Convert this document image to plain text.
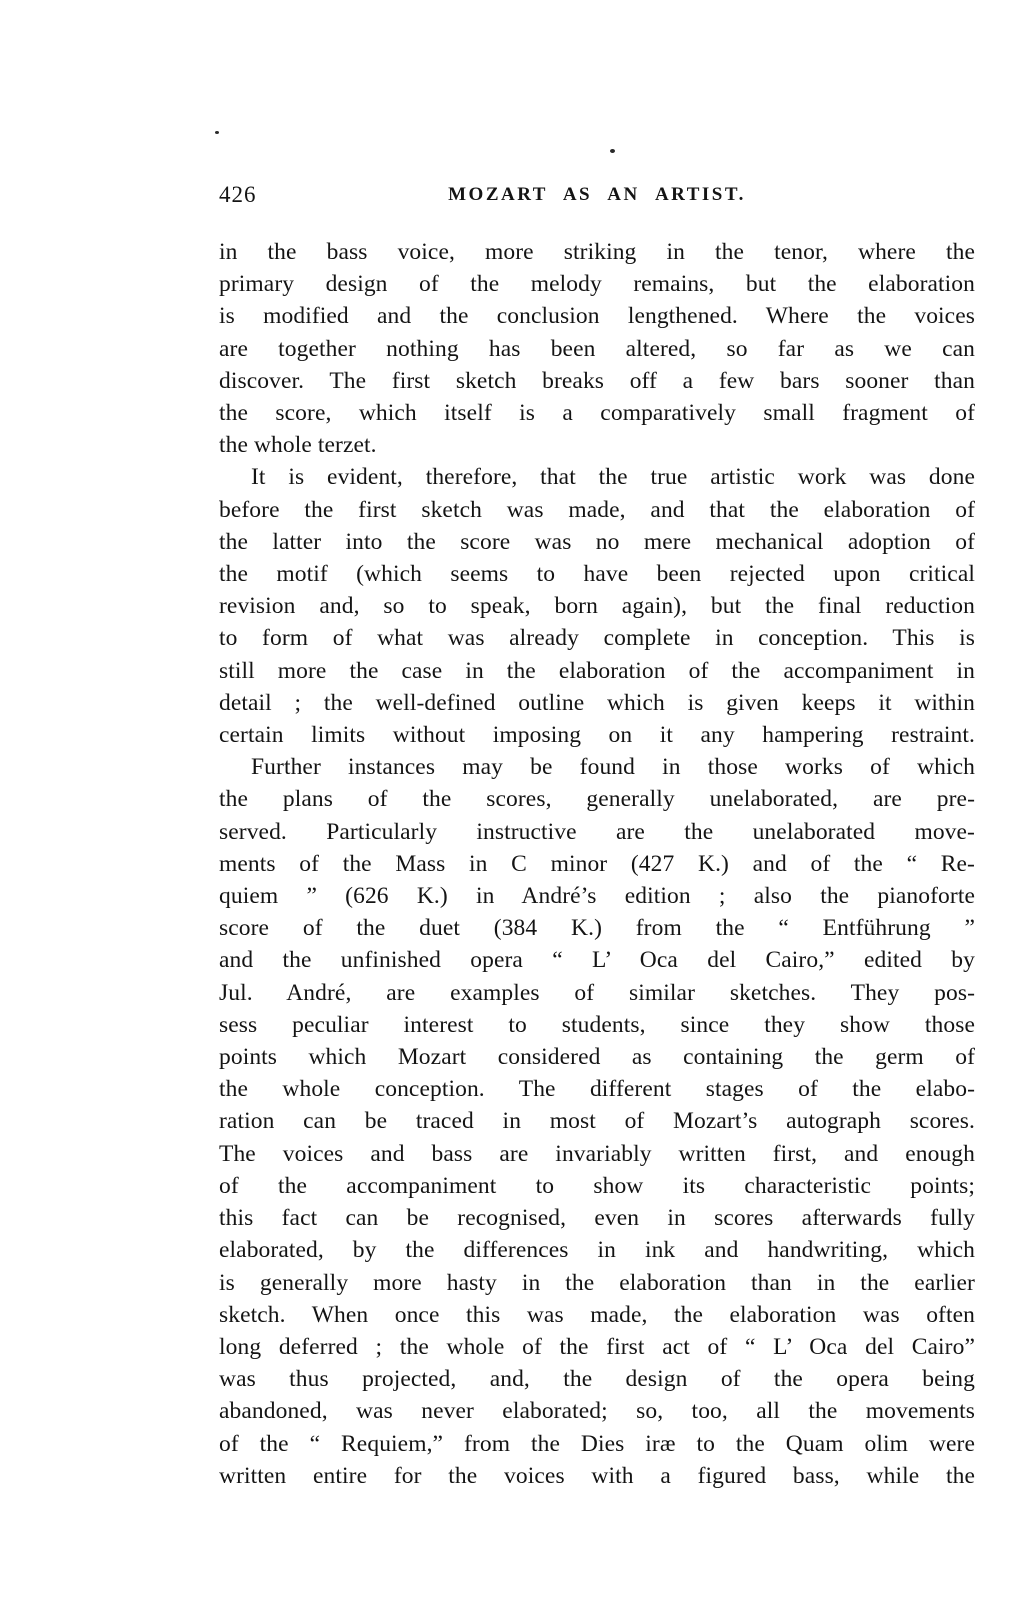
426	MOZART AS AN ARTIST.
in the bass voice, more striking in the tenor, where the
primary design of the melody remains, but the elaboration
is modified and the conclusion lengthened. Where the voices
are together nothing has been altered, so far as we can
discover. The first sketch breaks off a few bars sooner than
the score, which itself is a comparatively small fragment of
the whole terzet.
It is evident, therefore, that the true artistic work was done
before the first sketch was made, and that the elaboration of
the latter into the score was no mere mechanical adoption of
the motif (which seems to have been rejected upon critical
revision and, so to speak, born again), but the final reduction
to form of what was already complete in conception. This is
still more the case in the elaboration of the accompaniment in
detail ; the well-defined outline which is given keeps it within
certain limits without imposing on it any hampering restraint.
Further instances may be found in those works of which
the plans of the scores, generally unelaborated, are pre-
served. Particularly instructive are the unelaborated move-
ments of the Mass in C minor (427 K.) and of the “ Re-
quiem ” (626 K.) in André’s edition ; also the pianoforte
score of the duet (384 K.) from the “ Entführung ”
and the unfinished opera “ L’ Oca del Cairo,” edited by
Jul. André, are examples of similar sketches. They pos-
sess peculiar interest to students, since they show those
points which Mozart considered as containing the germ of
the whole conception. The different stages of the elabo-
ration can be traced in most of Mozart’s autograph scores.
The voices and bass are invariably written first, and enough
of the accompaniment to show its characteristic points;
this fact can be recognised, even in scores afterwards fully
elaborated, by the differences in ink and handwriting, which
is generally more hasty in the elaboration than in the earlier
sketch. When once this was made, the elaboration was often
long deferred ; the whole of the first act of “ L’ Oca del Cairo”
was thus projected, and, the design of the opera being
abandoned, was never elaborated; so, too, all the movements
of the “ Requiem,” from the Dies iræ to the Quam olim were
written entire for the voices with a figured bass, while the
